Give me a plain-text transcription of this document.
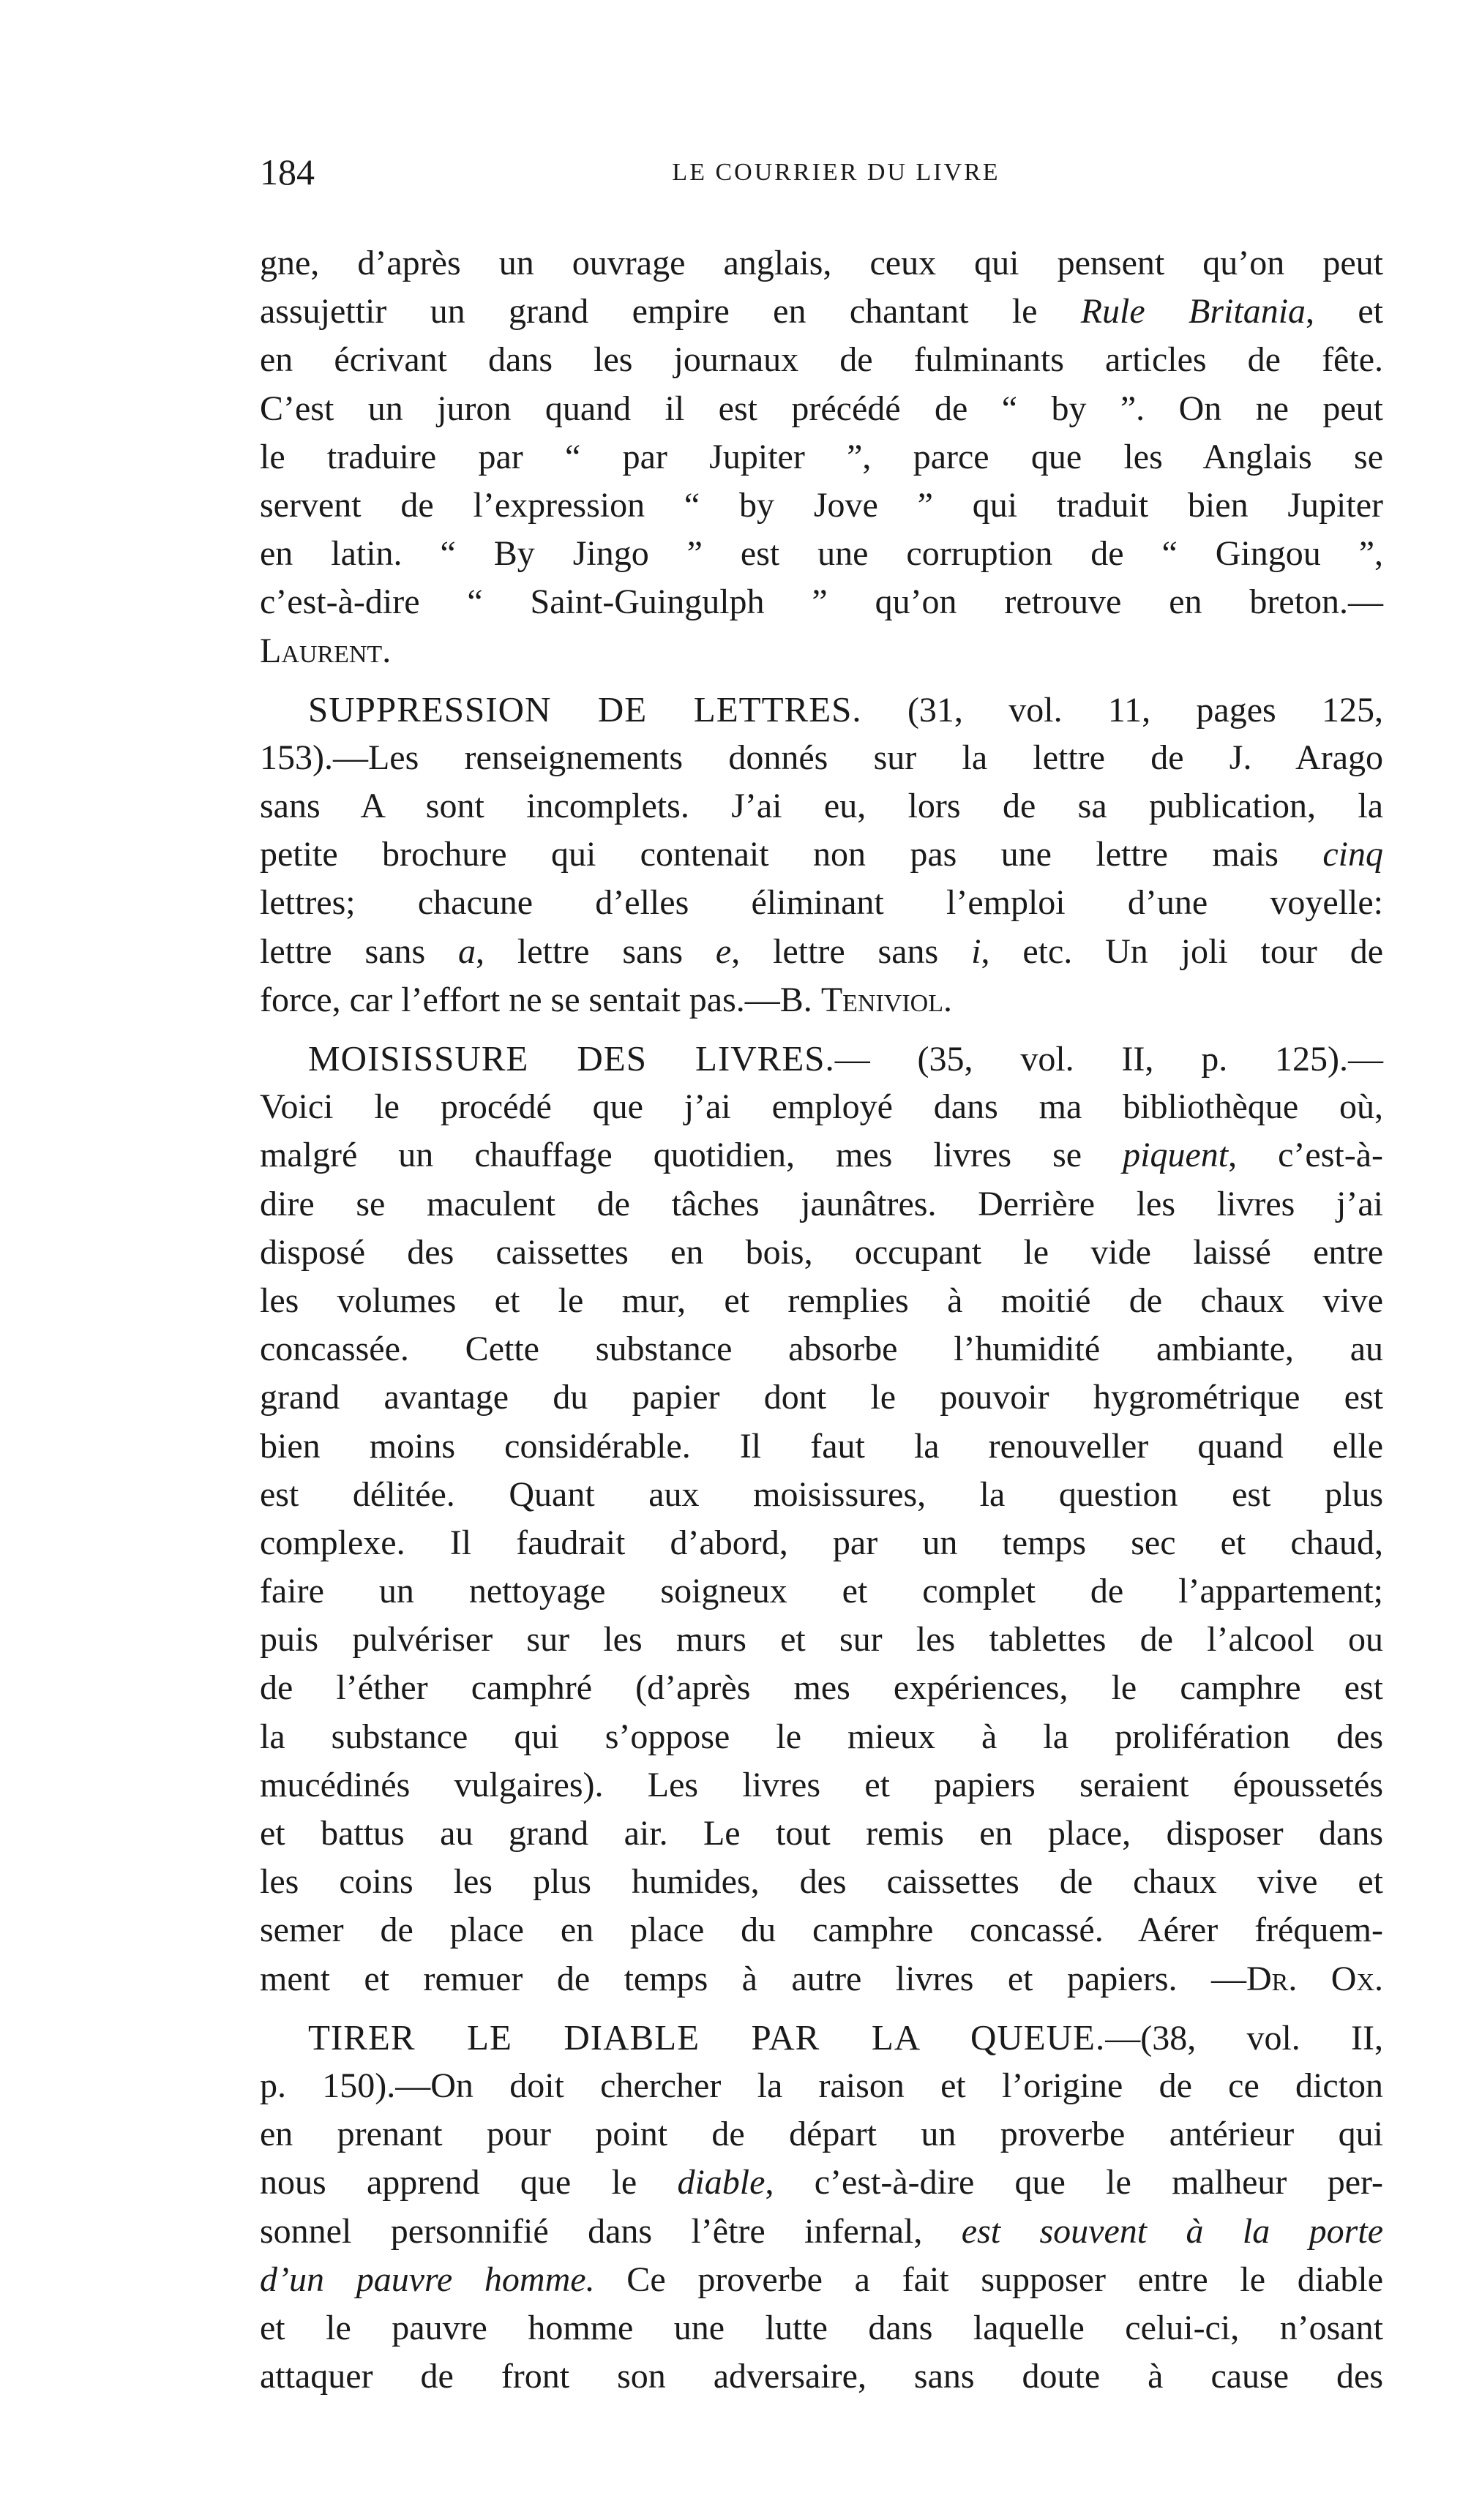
184	LE COURRIER DU LIVRE
gne, d’après un ouvrage anglais, ceux qui pensent qu’on peut
assujettir un grand empire en chantant le Rule Britania, et
en écrivant dans les journaux de fulminants articles de fête.
C’est un juron quand il est précédé de “ by ”. On ne peut
le traduire par “ par Jupiter ”, parce que les Anglais se
servent de l’expression “ by Jove ” qui traduit bien Jupiter
en latin. “ By Jingo ” est une corruption de “ Gingou ”,
c’est-à-dire “ Saint-Guingulph ” qu’on retrouve en breton.—
Laurent.
SUPPRESSION DE LETTRES. (31, vol. 11, pages 125,
153).—Les renseignements donnés sur la lettre de J. Arago
sans A sont incomplets. J’ai eu, lors de sa publication, la
petite brochure qui contenait non pas une lettre mais cinq
lettres; chacune d’elles éliminant l’emploi d’une voyelle:
lettre sans a, lettre sans e, lettre sans i, etc. Un joli tour de
force, car l’effort ne se sentait pas.—B. Teniviol.
MOISISSURE DES LIVRES.— (35, vol. II, p. 125).—
Voici le procédé que j’ai employé dans ma bibliothèque où,
malgré un chauffage quotidien, mes livres se piquent, c’est-à-
dire se maculent de tâches jaunâtres. Derrière les livres j’ai
disposé des caissettes en bois, occupant le vide laissé entre
les volumes et le mur, et remplies à moitié de chaux vive
concassée. Cette substance absorbe l’humidité ambiante, au
grand avantage du papier dont le pouvoir hygrométrique est
bien moins considérable. Il faut la renouveller quand elle
est délitée. Quant aux moisissures, la question est plus
complexe. Il faudrait d’abord, par un temps sec et chaud,
faire un nettoyage soigneux et complet de l’appartement;
puis pulvériser sur les murs et sur les tablettes de l’alcool ou
de l’éther camphré (d’après mes expériences, le camphre est
la substance qui s’oppose le mieux à la prolifération des
mucédinés vulgaires). Les livres et papiers seraient époussetés
et battus au grand air. Le tout remis en place, disposer dans
les coins les plus humides, des caissettes de chaux vive et
semer de place en place du camphre concassé. Aérer fréquem-
ment et remuer de temps à autre livres et papiers. —Dr. Ox.
TIRER LE DIABLE PAR LA QUEUE.—(38, vol. II,
p. 150).—On doit chercher la raison et l’origine de ce dicton
en prenant pour point de départ un proverbe antérieur qui
nous apprend que le diable, c’est-à-dire que le malheur per-
sonnel personnifié dans l’être infernal, est souvent à la porte
d’un pauvre homme. Ce proverbe a fait supposer entre le diable
et le pauvre homme une lutte dans laquelle celui-ci, n’osant
attaquer de front son adversaire, sans doute à cause des
